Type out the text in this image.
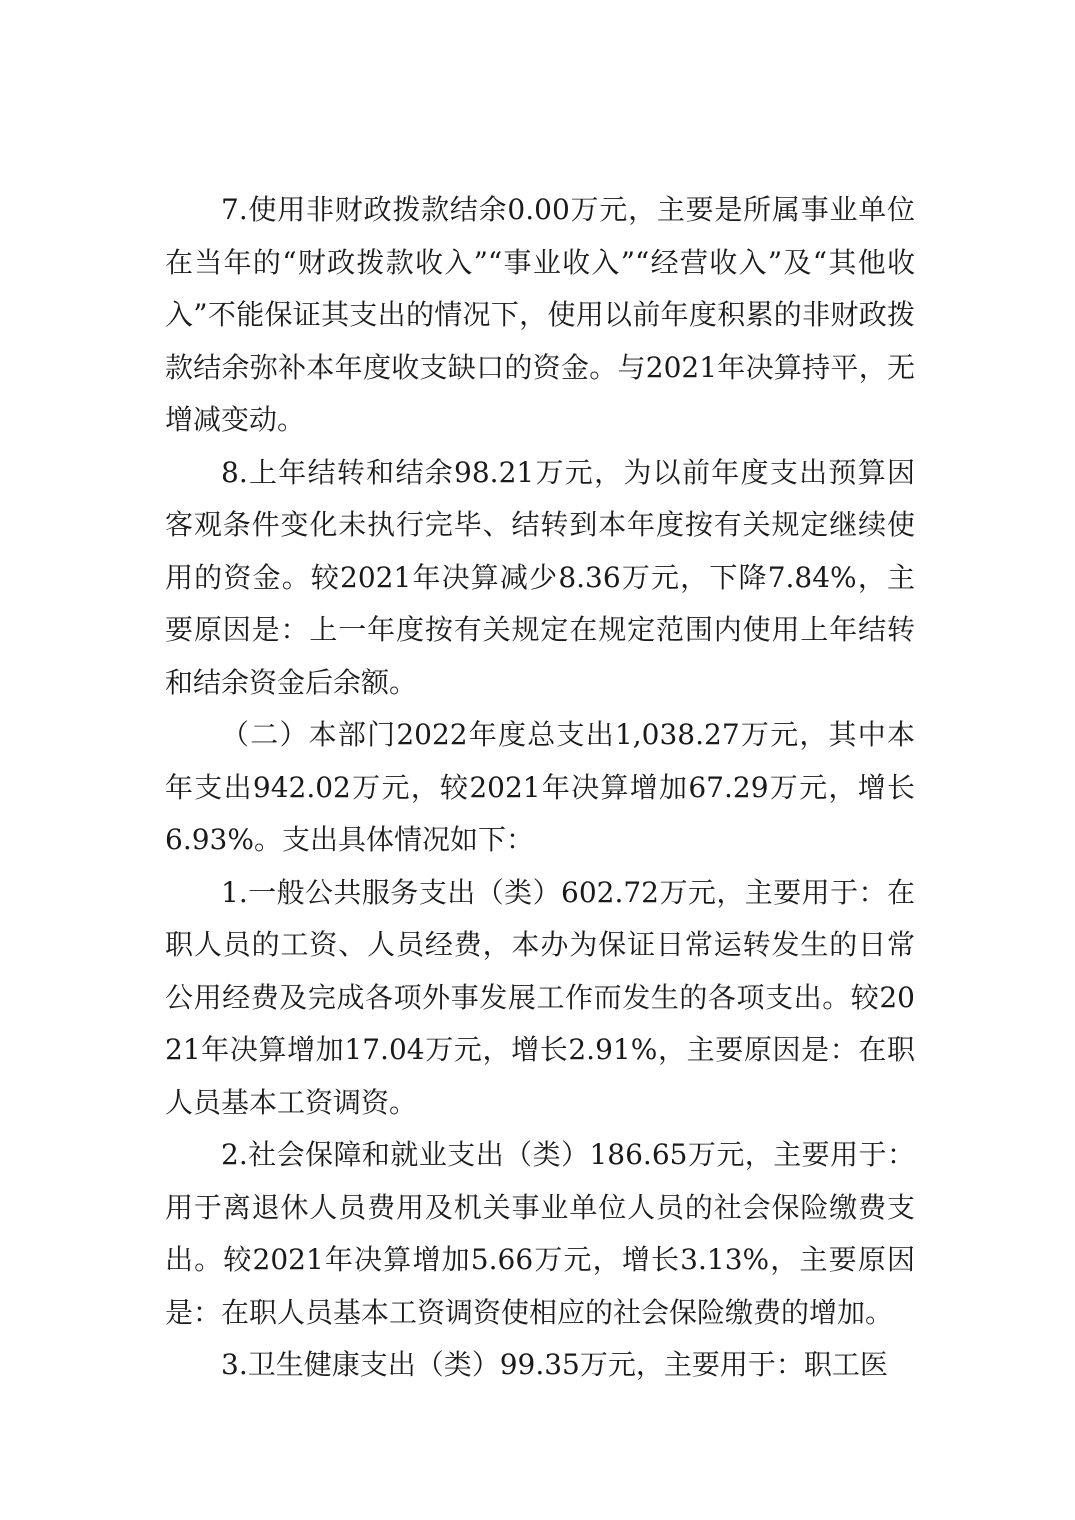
7.使用非财政拨款结余0.00万元，主要是所属事业单位在当年的“财政拨款收入”“事业收入”“经营收入”及“其他收入”不能保证其支出的情况下，使用以前年度积累的非财政拨款结余弥补本年度收支缺口的资金。与2021年决算持平，无增减变动。

8.上年结转和结余98.21万元，为以前年度支出预算因客观条件变化未执行完毕、结转到本年度按有关规定继续使用的资金。较2021年决算减少8.36万元，下降7.84%，主要原因是：上一年度按有关规定在规定范围内使用上年结转和结余资金后余额。

（二）本部门2022年度总支出1,038.27万元，其中本年支出942.02万元，较2021年决算增加67.29万元，增长6.93%。支出具体情况如下：

1.一般公共服务支出（类）602.72万元，主要用于：在职人员的工资、人员经费，本办为保证日常运转发生的日常公用经费及完成各项外事发展工作而发生的各项支出。较2021年决算增加17.04万元，增长2.91%，主要原因是：在职人员基本工资调资。

2.社会保障和就业支出（类）186.65万元，主要用于：用于离退休人员费用及机关事业单位人员的社会保险缴费支出。较2021年决算增加5.66万元，增长3.13%，主要原因是：在职人员基本工资调资使相应的社会保险缴费的增加。

3.卫生健康支出（类）99.35万元，主要用于：职工医
